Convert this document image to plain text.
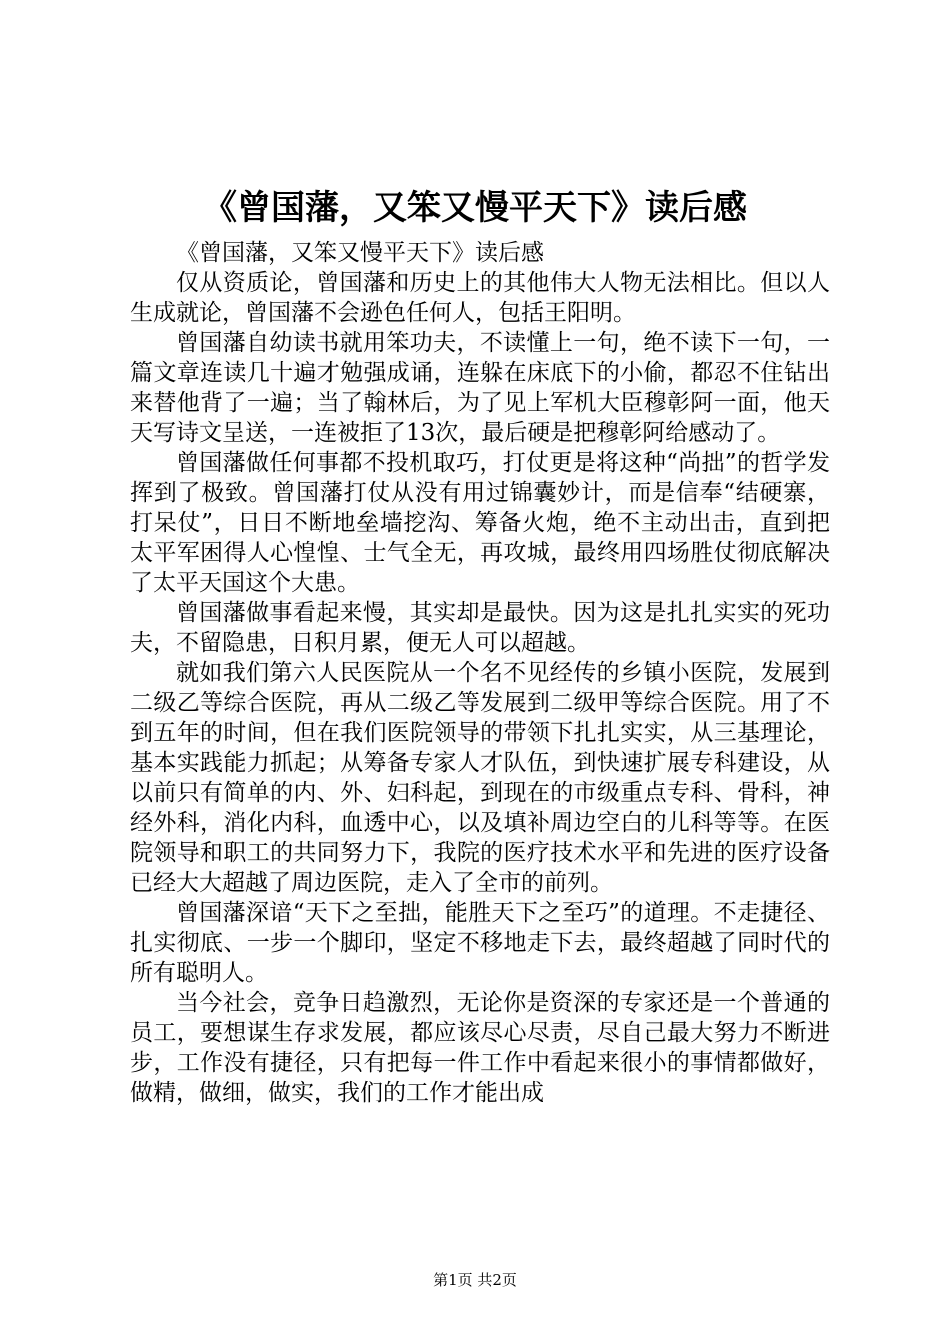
《曾国藩，又笨又慢平天下》读后感

《曾国藩，又笨又慢平天下》读后感

仅从资质论，曾国藩和历史上的其他伟大人物无法相比。但以人生成就论，曾国藩不会逊色任何人，包括王阳明。

曾国藩自幼读书就用笨功夫，不读懂上一句，绝不读下一句，一篇文章连读几十遍才勉强成诵，连躲在床底下的小偷，都忍不住钻出来替他背了一遍；当了翰林后，为了见上军机大臣穆彰阿一面，他天天写诗文呈送，一连被拒了13次，最后硬是把穆彰阿给感动了。

曾国藩做任何事都不投机取巧，打仗更是将这种“尚拙”的哲学发挥到了极致。曾国藩打仗从没有用过锦囊妙计，而是信奉“结硬寨，打呆仗”，日日不断地垒墙挖沟、筹备火炮，绝不主动出击，直到把太平军困得人心惶惶、士气全无，再攻城，最终用四场胜仗彻底解决了太平天国这个大患。

曾国藩做事看起来慢，其实却是最快。因为这是扎扎实实的死功夫，不留隐患，日积月累，便无人可以超越。

就如我们第六人民医院从一个名不见经传的乡镇小医院，发展到二级乙等综合医院，再从二级乙等发展到二级甲等综合医院。用了不到五年的时间，但在我们医院领导的带领下扎扎实实，从三基理论，基本实践能力抓起；从筹备专家人才队伍，到快速扩展专科建设，从以前只有简单的内、外、妇科起，到现在的市级重点专科、骨科，神经外科，消化内科，血透中心，以及填补周边空白的儿科等等。在医院领导和职工的共同努力下，我院的医疗技术水平和先进的医疗设备已经大大超越了周边医院，走入了全市的前列。

曾国藩深谙“天下之至拙，能胜天下之至巧”的道理。不走捷径、扎实彻底、一步一个脚印，坚定不移地走下去，最终超越了同时代的所有聪明人。

当今社会，竞争日趋激烈，无论你是资深的专家还是一个普通的员工，要想谋生存求发展，都应该尽心尽责，尽自己最大努力不断进步，工作没有捷径，只有把每一件工作中看起来很小的事情都做好，做精，做细，做实，我们的工作才能出成

第1页 共2页
